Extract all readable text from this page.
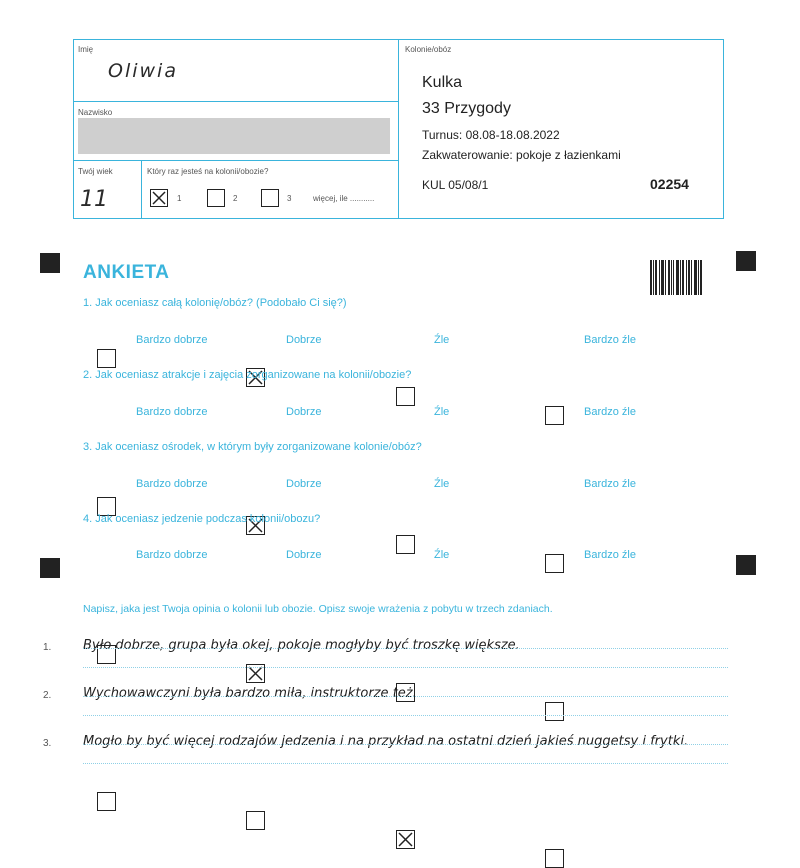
Imię
Oliwia
Nazwisko
Twój wiek
11
Który raz jesteś na kolonii/obozie?
1	2	3	więcej, ile ...........
Kolonie/obóz
Kulka
33 Przygody
Turnus: 08.08-18.08.2022
Zakwaterowanie: pokoje z łazienkami
KUL 05/08/1	02254
ANKIETA
1. Jak oceniasz całą kolonię/obóz? (Podobało Ci się?)
Bardzo dobrze	Dobrze	Źle	Bardzo źle
2. Jak oceniasz atrakcje i zajęcia zorganizowane na kolonii/obozie?
Bardzo dobrze	Dobrze	Źle	Bardzo źle
3. Jak oceniasz ośrodek, w którym były zorganizowane kolonie/obóz?
Bardzo dobrze	Dobrze	Źle	Bardzo źle
4. Jak oceniasz jedzenie podczas kolonii/obozu?
Bardzo dobrze	Dobrze	Źle	Bardzo źle
Napisz, jaka jest Twoja opinia o kolonii lub obozie. Opisz swoje wrażenia z pobytu w trzech zdaniach.
1. Było dobrze, grupa była okej, pokoje mogłyby być troszkę większe.
2. Wychowawczyni była bardzo miła, instruktorze też.
3. Mogło by być więcej rodzajów jedzenia i na przykład na ostatni dzień jakieś nuggetsy i frytki.
